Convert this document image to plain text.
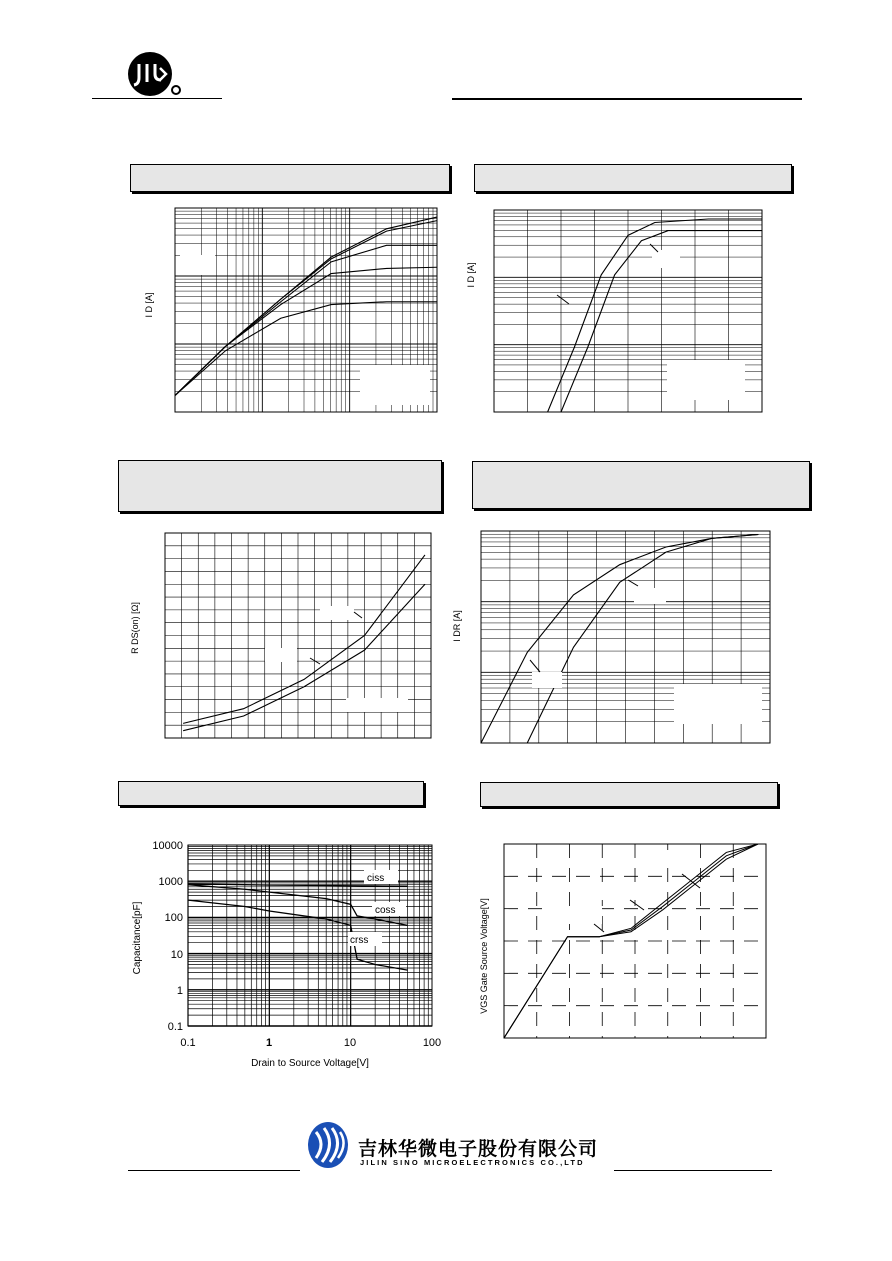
I D [A]
I D [A]
R DS(on) [Ω]	I DR [A]
Capacitance[pF]
10000
1000
100
10
1
0.1
0.1	1	10	100
Drain to Source Voltage[V]
ciss
coss
crss	VGS Gate Source Voltage[V]
吉林华微电子股份有限公司
JILIN SINO MICROELECTRONICS CO.,LTD
